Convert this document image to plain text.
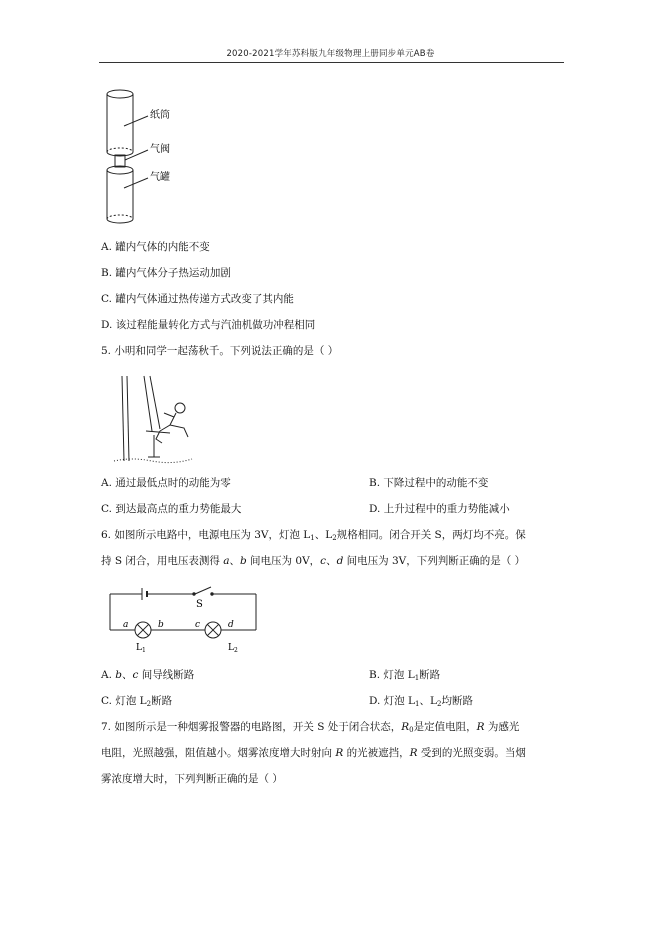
2020-2021学年苏科版九年级物理上册同步单元AB卷
纸筒
气阀
气罐
A. 罐内气体的内能不变
B. 罐内气体分子热运动加剧
C. 罐内气体通过热传递方式改变了其内能
D. 该过程能量转化方式与汽油机做功冲程相同
5. 小明和同学一起荡秋千。下列说法正确的是（ ）
A. 通过最低点时的动能为零	B. 下降过程中的动能不变
C. 到达最高点的重力势能最大	D. 上升过程中的重力势能减小
6. 如图所示电路中，电源电压为 3V，灯泡 $L_1$、$L_2$规格相同。闭合开关 S，两灯均不亮。保
持 S 闭合，用电压表测得 a、b 间电压为 0V，c、d 间电压为 3V，下列判断正确的是（ ）
S
a	b	c	d
$L_1$	$L_2$
A. b、c 间导线断路	B. 灯泡 $L_1$断路
C. 灯泡 $L_2$断路	D. 灯泡 $L_1$、$L_2$均断路
7. 如图所示是一种烟雾报警器的电路图，开关 S 处于闭合状态，$R_0$是定值电阻，R 为感光
电阻，光照越强，阻值越小。烟雾浓度增大时射向 R 的光被遮挡，R 受到的光照变弱。当烟
雾浓度增大时，下列判断正确的是（ ）
